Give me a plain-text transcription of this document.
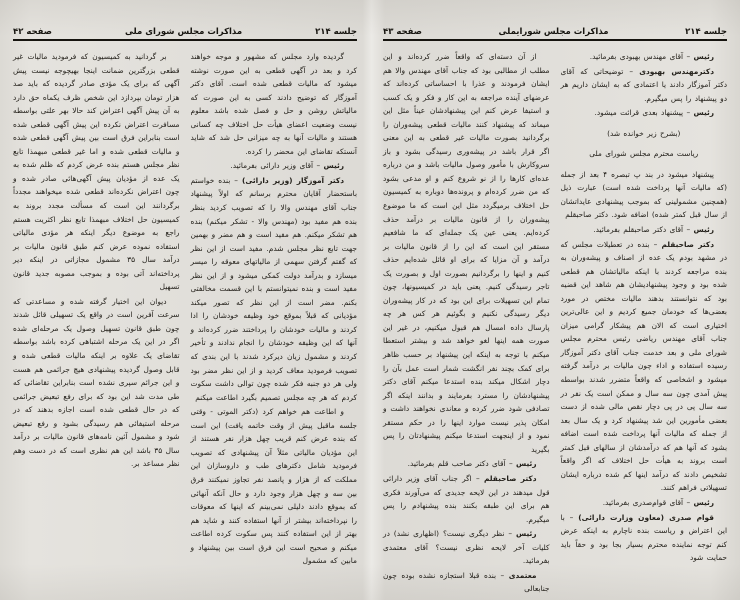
جلسه ۲۱۴
مذاکرات مجلس شورایملی
صفحه ۴۳

رئیس – آقای مهندس بهبودی بفرمائید.

دکترمهندس بهبودی – توضیحاتی که آقای دکتر آموزگار دادند یا اعتمادی که به ایشان داریم هر دو پیشنهاد را پس میگیرم.

رئیس – پیشنهاد بعدی قرائت میشود.

(بشرح زیر خوانده شد)

ریاست محترم مجلس شورای ملی

پیشنهاد میشود در بند پ تبصره ۴ بعد از جمله (که مالیات آنها پرداخت شده است) عبارت ذیل (همچنین مشمولینی که بموجب پیشنهادی عایداتشان از سال قبل کمتر شده) اضافه شود. دکتر صاحبقلم

رئیس – آقای دکتر صاحبقلم بفرمائید.

دکتر صاحبقلم – بنده در تعطیلات مجلس که در مشهد بودم یک عده از اصناف و پیشه‌وران به بنده مراجعه کردند با اینکه مالیاتشان هم قطعی شده بود و وجود پیشنهادیشان هم شاهد این قضیه بود که نتوانستند بدهند مالیات مختص در مورد بعضی‌ها که خودمان جمیع کردیم و این عالی‌ترین اختیاری است که الان هم پیشکار گرامی میزان جناب آقای مهندس ریاضی رئیس محترم مجلس شورای ملی و بعد خدمت جناب آقای دکتر آموزگار رسیده استفاده و اداء چون مالیات بر درآمد گرفته میشود و اشخاصی که واقعاً متضرر شدند بواسطه پیش آمدی چون سه سال و ممکن است یک نفر در سه سال پی در پی دچار نقص مالی شده از دست بعضی مأمورین این شد پیشنهاد کرد و یک سال بعد از جمله که مالیات آنها پرداخت شده است اضافه بشود که آنها هم که درآمدشان از سالهای قبل کمتر است بروند به هیأت حل اختلاف که اگر واقعاً تشخیص دادند که درآمد اینها کم شده درباره ایشان تسهیلاتی فراهم کنند.

رئیس – آقای قوام‌صدری بفرمائید.

قوام صدری (معاون وزارت دارائی) – با این اعتراض و ریاست بنده ناچارم به اینکه عرض کنم توجه نماینده محترم بسیار بجا بود و حقاً باید حمایت شود

از آن دسته‌ای که واقعاً ضرر کرده‌اند و این مطلب از مطالبی بود که جناب آقای مهندس والا هم ایشان فرمودند و عذرا با احساساتی کرده‌اند که عرضهای آینده مراجعه به این کار و فکر و یک کسب و استیفا عرض کنم این پیشنهادشان عیناً مثل این میماند که پیشنهاد کنند مالیات قطعی پیشه‌وران را برگردانید بصورت مالیات غیر قطعی به این معنی اگر قرار باشد در پیشه‌وری رسیدگی بشود و باز سروکارش با مأمور وصول مالیات باشد و من درباره عده‌ای کارها را از نو شروع کنم و او مدعی بشود که من ضرر کرده‌ام و پرونده‌ها دوباره به کمیسیون حل اختلاف برمیگردد مثل این است که ما موضوع پیشه‌وران را از قانون مالیات بر درآمد حذف کرده‌ایم. یعنی عین یک جمله‌ای که ما شافعیم مستقر این است که این را از قانون مالیات بر درآمد و آن مزایا که برای او قائل شده‌ایم حذف کنیم و اینها را برگردانیم بصورت اول و بصورت یک تاجر رسیدگی کنیم. یعنی باید در کمیسیونها، چون تمام این تسهیلات برای این بود که در کار پیشه‌وران دیگر رسیدگی نکنیم و بگوئیم هر کس هر چه پارسال داده امسال هم قبول میکنیم، در غیر این صورت همه اینها لغو خواهد شد و بیشتر استعطا میکنم با توجه به اینکه این پیشنهاد بر حسب ظاهر برای کمک بچند نفر انگشت شمار است عمل بآن را دچار اشکال میکند بنده استدعا میکنم آقای دکتر پیشنهادشان را مسترد بفرمایند و بدانند اینکه اگر تصادفی شود ضرر کرده و معاندی نخواهند داشت و امکان پذیر نیست موارد اینها را در حکم مستقر نمود و از اینجهت استدعا میکنم پیشنهادتان را پس بگیرید

رئیس – آقای دکتر صاحب قلم بفرمائید.

دکتر صاحبقلم – اگر جناب آقای وزیر دارائی قول میدهند در این لایحه جدیدی که می‌آورند فکری هم برای این طبقه بکنند بنده پیشنهادم را پس میگیرم.

رئیس – نظر دیگری نیست؟ (اظهاری نشد) در کلیات آخر لایحه نظری نیست؟ آقای معتمدی بفرمائید.

معتمدی – بنده قبلا استجازه نشده بوده چون جنابعالی

جلسه ۲۱۴
مذاکرات مجلس شورای ملی
صفحه ۴۲

گردیده وارد مجلس که مشهور و موجه خواهند کرد و بعد در آگهی قطعی به این صورت نوشته میشود که مالیات قطعی شده است. آقای دکتر آموزگار که توضیح دادند کسی به این صورت که مالیاتش روشن و حل و فصل شده باشد معلوم نیست وضعیت اعضای هیأت حل اختلاف چه کسانی هستند و مالیات آنها به چه میزانی حل شد که شاید آنستکه تقاضای این محضر را کرده.

رئیس – آقای وزیر دارائی بفرمائید.

دکتر آموزگار (وزیر دارائی) – بنده خواستم باستحضار آقایان محترم برسانم که اولاً پیشنهاد جناب آقای مهندس والا را که تصویب کردید بنظر بنده هم مفید بود (مهندس والا - تشکر میکنم) بنده هم تشکر میکنم. هم مفید است و هم مضر و بهمین جهت تابع نظر مجلس شدم. مفید است از این نظر که گفتم گرفتن سهمی از مالیاتهای معوقه را میسر میسازد و بدرآمد دولت کمکی میشود و از این نظر مفید است و بنده نمیتوانستم با این قسمت مخالفتی بکنم. مضر است از این نظر که تصور میکند مؤدیانی که قبلاً بموقع خود وظیفه خودشان را ادا کردند و مالیات خودشان را پرداختند ضرر کرده‌اند و آنها که این وظیفه خودشان را انجام ندادند و تأخیر کردند و مشمول زیان دیرکرد شدند با این بندی که تصویب فرمودید معاف کردید و از این نظر مضر بود ولی هر دو جنبه فکر شده چون توالی داشت سکوت کردم که هر چه مجلس تصمیم بگیرد اطاعت میکنم

و اطاعت هم خواهم کرد (دکتر الموتی - وقتی جلسه ماقبل پیش از وقت خاتمه یافت) این است که بنده عرض کنم قریب چهل هزار نفر هستند از این مؤدیان مالیاتی مثلاً آن پیشنهادی که تصویب فرمودید شامل دکترهای طب و داروسازان این مملکت که از هزار و پانصد نفر تجاوز نمیکنند فرق بین سه و چهل هزار وجود دارد و حال آنکه آنهائی که بموقع دادند دلیلی نمی‌بینم که اینها که معوقات را نپرداخته‌اند بیشتر از آنها استفاده کنند و شاید هم بهتر از این استفاده کنند پس سکوت کرده اطاعت میکنم و صحیح است این فرق است بین پیشنهاد و مابین که مشمول

بر گردانید به کمیسیون که فرمودید مالیات غیر قطعی بزرگترین ضمانت اینجا بهیچوجه نیست پیش آگهی که برای یک مؤدی صادر گردیده که باید صد هزار تومان بپردازد این شخص ظرف یکماه حق دارد به آن پیش آگهی اعتراض کند حالا بهر علتی بواسطه مسافرت اعتراض نکرده این پیش آگهی قطعی شده است بنابراین فرق است بین پیش آگهی قطعی شده و مالیات قطعی شده و اما غیر قطعی مبهمذا تابع نظر مجلس هستم بنده عرض کردم که ظلم شده به یک عده از مؤدیان پیش آگهی‌هائی صادر شده و چون اعتراض نکرده‌اند قطعی شده میخواهند مجدداً برگردانند این است که مسألت مجدد بروند به کمیسیون حل اختلاف مبهمذا تابع نظر اکثریت هستم راجع به موضوع دیگر اینکه هر مؤدی مالیاتی استفاده نموده عرض کنم طبق قانون مالیات بر درآمد سال ۳۵ مشمول مجازاتی در اینکه دیر پرداخته‌اند آتی بوده و بموجب مصوبه جدید قانون تسهیل

دیوان این اختیار گرفته شده و مساعدتی که سرعت آفرین است در واقع یک تسهیلی قائل شدند چون طبق قانون تسهیل وصول یک مرحله‌ای شده اگر در این یک مرحله اشتباهی کرده باشد بواسطه تقاضای یک علاوه بر اینکه مالیات قطعی شده و قابل وصول گردیده پیشنهادی هیچ جرائمی هم هست و این جرائم سپری نشده است بنابراین تقاضائی که طی مدت شد این بود که برای رفع تبعیض جرائمی که در حال قطعی شده است اجازه بدهند که در مرحله استیفائی هم رسیدگی بشود و رفع تبعیض شود و مشمول آئین نامه‌های قانون مالیات بر درآمد سال ۳۵ باشد این هم نظری است که در دست وهم نظر مساعد بر.
